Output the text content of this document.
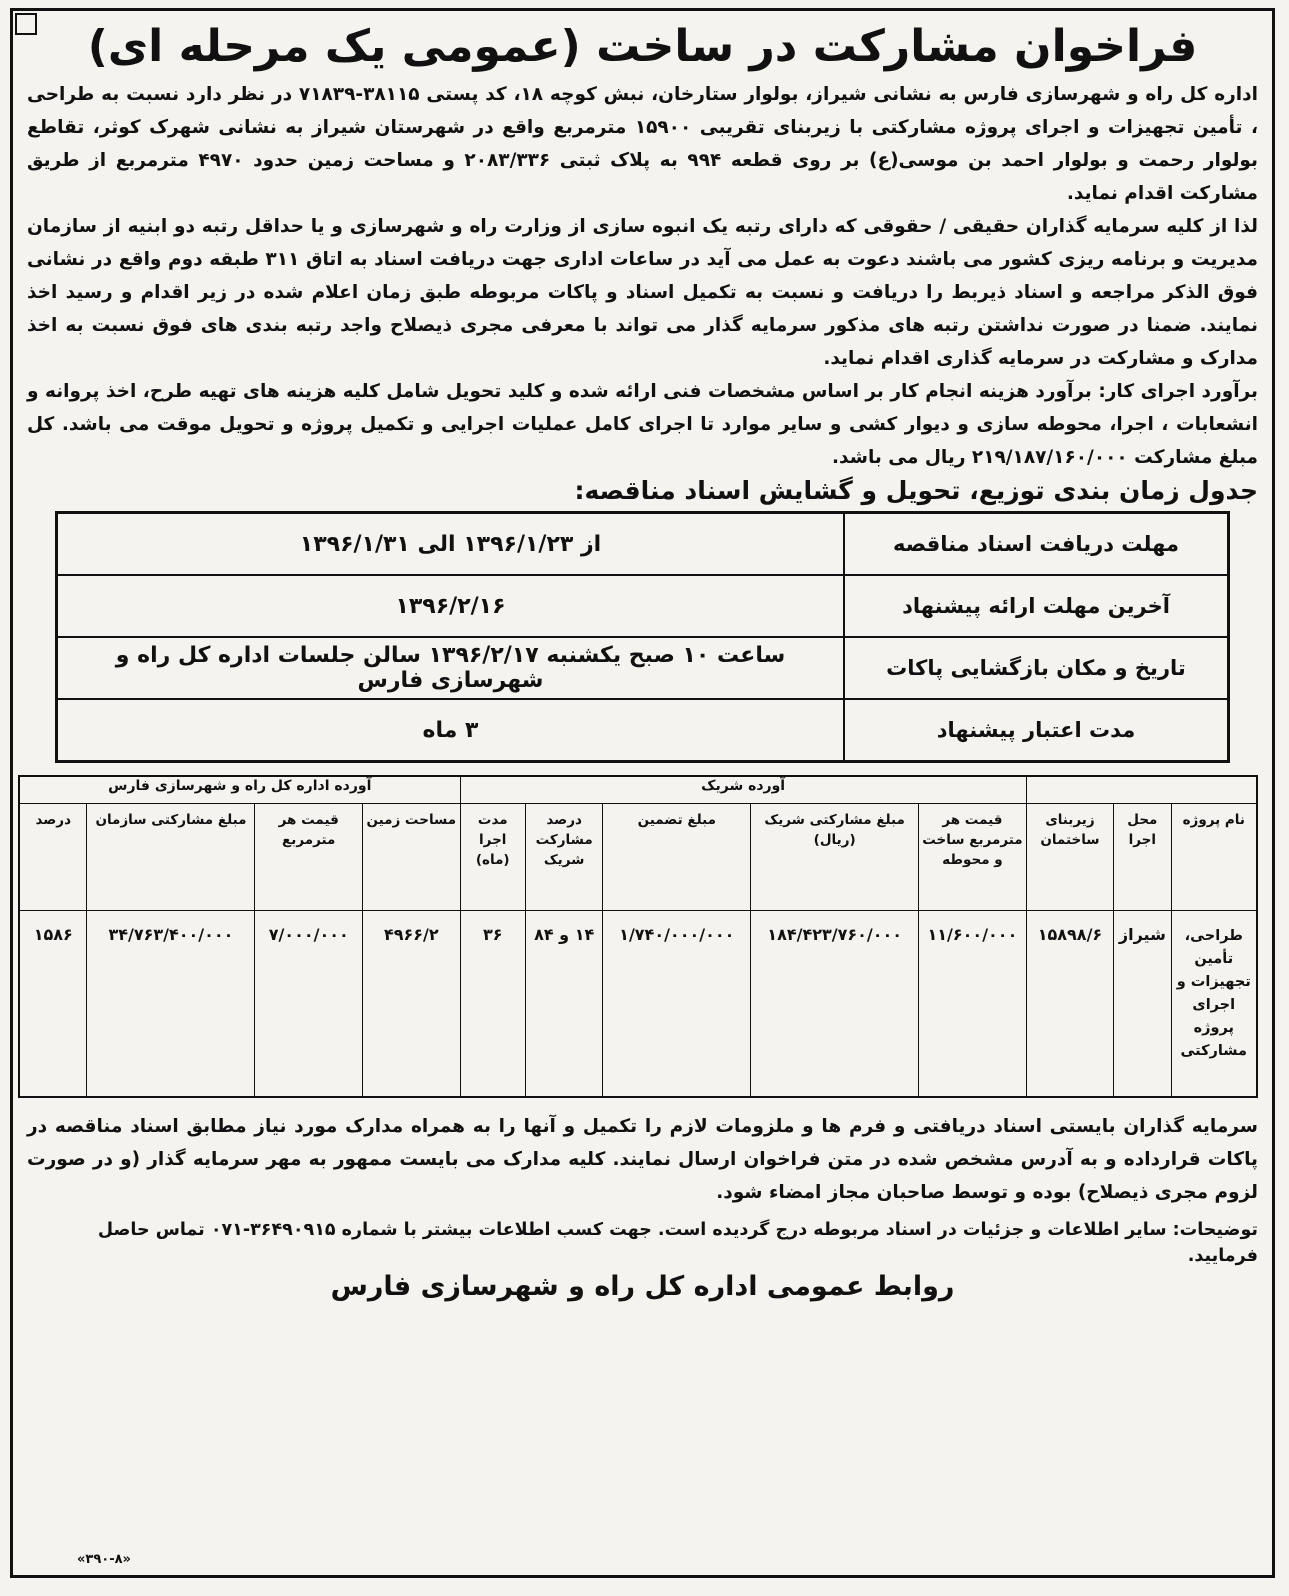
فراخوان مشارکت در ساخت (عمومی یک مرحله ای)

اداره کل راه و شهرسازی فارس به نشانی شیراز، بولوار ستارخان، نبش کوچه ۱۸، کد پستی ۳۸۱۱۵-۷۱۸۳۹ در نظر دارد نسبت به طراحی ، تأمین تجهیزات و اجرای پروژه مشارکتی با زیربنای تقریبی ۱۵۹۰۰ مترمربع واقع در شهرستان شیراز به نشانی شهرک کوثر، تقاطع بولوار رحمت و بولوار احمد بن موسی(ع) بر روی قطعه ۹۹۴ به پلاک ثبتی ۲۰۸۳/۳۳۶ و مساحت زمین حدود ۴۹۷۰ مترمربع از طریق مشارکت اقدام نماید.

لذا از کلیه سرمایه گذاران حقیقی / حقوقی که دارای رتبه یک انبوه سازی از وزارت راه و شهرسازی و یا حداقل رتبه دو ابنیه از سازمان مدیریت و برنامه ریزی کشور می باشند دعوت به عمل می آید در ساعات اداری جهت دریافت اسناد به اتاق ۳۱۱ طبقه دوم واقع در نشانی فوق الذکر مراجعه و اسناد ذیربط را دریافت و نسبت به تکمیل اسناد و پاکات مربوطه طبق زمان اعلام شده در زیر اقدام و رسید اخذ نمایند. ضمنا در صورت نداشتن رتبه های مذکور سرمایه گذار می تواند با معرفی مجری ذیصلاح واجد رتبه بندی های فوق نسبت به اخذ مدارک و مشارکت در سرمایه گذاری اقدام نماید.

برآورد اجرای کار: برآورد هزینه انجام کار بر اساس مشخصات فنی ارائه شده و کلید تحویل شامل کلیه هزینه های تهیه طرح، اخذ پروانه و انشعابات ، اجرا، محوطه سازی و دیوار کشی و سایر موارد تا اجرای کامل عملیات اجرایی و تکمیل پروژه و تحویل موقت می باشد. کل مبلغ مشارکت ۲۱۹/۱۸۷/۱۶۰/۰۰۰ ریال می باشد.

جدول زمان بندی توزیع، تحویل و گشایش اسناد مناقصه:
مهلت دریافت اسناد مناقصه	از ۱۳۹۶/۱/۲۳ الی ۱۳۹۶/۱/۳۱
آخرین مهلت ارائه پیشنهاد	۱۳۹۶/۲/۱۶
تاریخ و مکان بازگشایی پاکات	ساعت ۱۰ صبح یکشنبه ۱۳۹۶/۲/۱۷ سالن جلسات اداره کل راه و شهرسازی فارس
مدت اعتبار پیشنهاد	۳ ماه
			آورده شریک					آورده اداره کل راه و شهرسازی فارس			
نام پروژه	محل اجرا	زیربنای ساختمان	قیمت هر مترمربع ساخت و محوطه	مبلغ مشارکتی شریک (ریال)	مبلغ تضمین	درصد مشارکت شریک	مدت اجرا (ماه)	مساحت زمین	قیمت هر مترمربع	مبلغ مشارکتی سازمان	درصد
طراحی، تأمین تجهیزات و اجرای پروژه مشارکتی	شیراز	۱۵۸۹۸/۶	۱۱/۶۰۰/۰۰۰	۱۸۴/۴۲۳/۷۶۰/۰۰۰	۱/۷۴۰/۰۰۰/۰۰۰	۱۴ و ۸۴	۳۶	۴۹۶۶/۲	۷/۰۰۰/۰۰۰	۳۴/۷۶۳/۴۰۰/۰۰۰	۱۵۸۶

سرمایه گذاران بایستی اسناد دریافتی و فرم ها و ملزومات لازم را تکمیل و آنها را به همراه مدارک مورد نیاز مطابق اسناد مناقصه در پاکات قرارداده و به آدرس مشخص شده در متن فراخوان ارسال نمایند. کلیه مدارک می بایست ممهور به مهر سرمایه گذار (و در صورت لزوم مجری ذیصلاح) بوده و توسط صاحبان مجاز امضاء شود.

توضیحات: سایر اطلاعات و جزئیات در اسناد مربوطه درج گردیده است. جهت کسب اطلاعات بیشتر با شماره ۳۶۴۹۰۹۱۵-۰۷۱ تماس حاصل فرمایید.

روابط عمومی اداره کل راه و شهرسازی فارس
«۳۹۰-۸»
